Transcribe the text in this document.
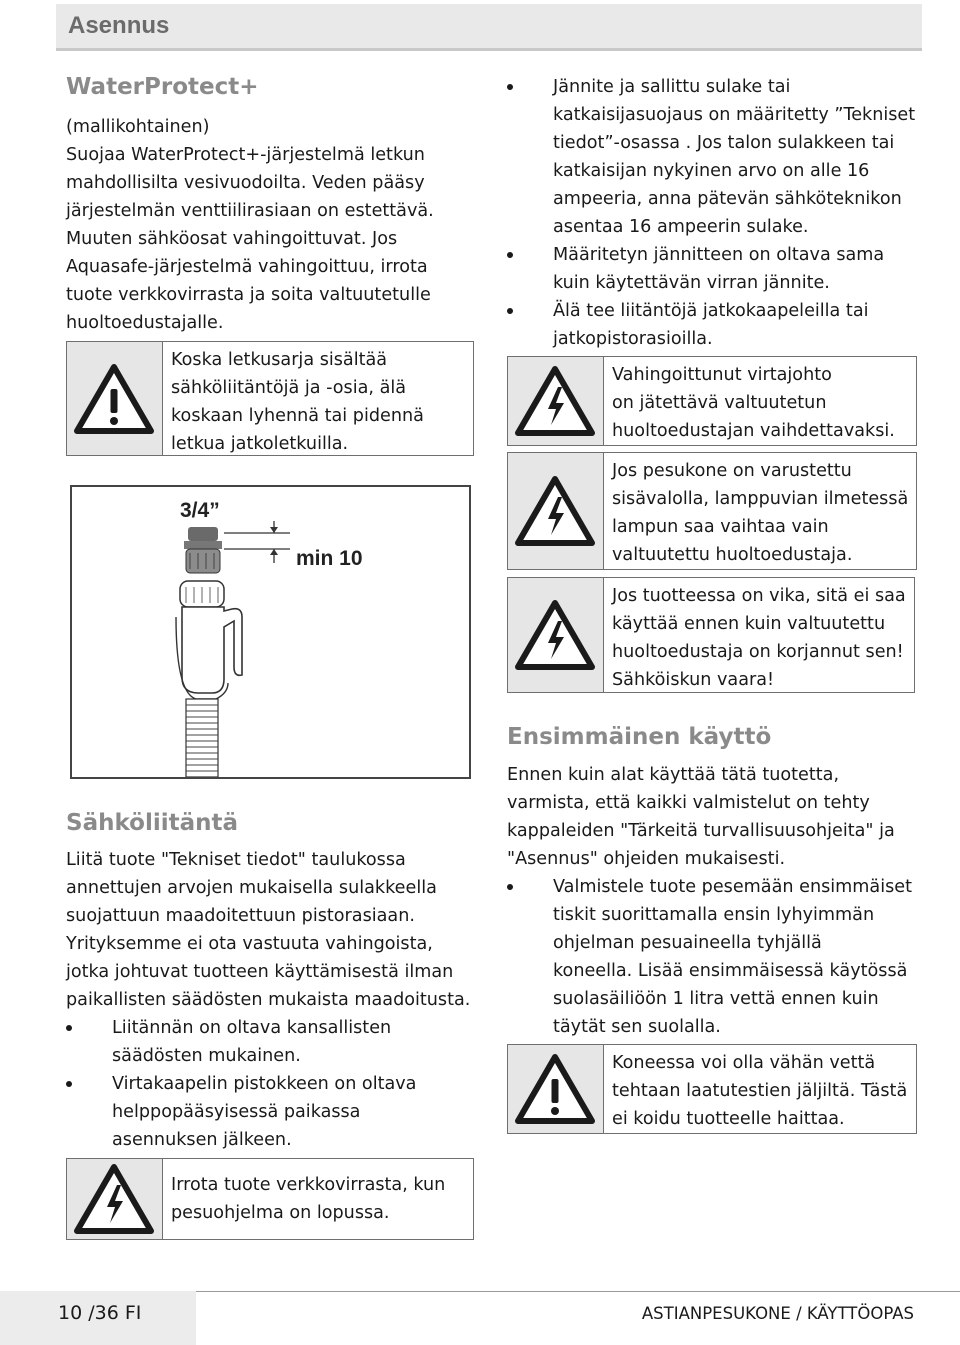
Asennus
WaterProtect+
(mallikohtainen)
Suojaa WaterProtect+-järjestelmä letkun
mahdollisilta vesivuodoilta. Veden pääsy
järjestelmän venttiilirasiaan on estettävä.
Muuten sähköosat vahingoittuvat. Jos
Aquasafe-järjestelmä vahingoittuu, irrota
tuote verkkovirrasta ja soita valtuutetulle
huoltoedustajalle.
Koska letkusarja sisältää
sähköliitäntöjä ja -osia, älä
koskaan lyhennä tai pidennä
letkua jatkoletkuilla.
3/4”
min 10
Sähköliitäntä
Liitä tuote "Tekniset tiedot" taulukossa
annettujen arvojen mukaisella sulakkeella
suojattuun maadoitettuun pistorasiaan.
Yrityksemme ei ota vastuuta vahingoista,
jotka johtuvat tuotteen käyttämisestä ilman
paikallisten säädösten mukaista maadoitusta.
Liitännän on oltava kansallisten
säädösten mukainen.
Virtakaapelin pistokkeen on oltava
helppopääsyisessä paikassa
asennuksen jälkeen.
Irrota tuote verkkovirrasta, kun
pesuohjelma on lopussa.
Jännite ja sallittu sulake tai
katkaisijasuojaus on määritetty ”Tekniset
tiedot”-osassa . Jos talon sulakkeen tai
katkaisijan nykyinen arvo on alle 16
ampeeria, anna pätevän sähköteknikon
asentaa 16 ampeerin sulake.
Määritetyn jännitteen on oltava sama
kuin käytettävän virran jännite.
Älä tee liitäntöjä jatkokaapeleilla tai
jatkopistorasioilla.
Vahingoittunut virtajohto
on jätettävä valtuutetun
huoltoedustajan vaihdettavaksi.
Jos pesukone on varustettu
sisävalolla, lamppuvian ilmetessä
lampun saa vaihtaa vain
valtuutettu huoltoedustaja.
Jos tuotteessa on vika, sitä ei saa
käyttää ennen kuin valtuutettu
huoltoedustaja on korjannut sen!
Sähköiskun vaara!
Ensimmäinen käyttö
Ennen kuin alat käyttää tätä tuotetta,
varmista, että kaikki valmistelut on tehty
kappaleiden "Tärkeitä turvallisuusohjeita" ja
"Asennus" ohjeiden mukaisesti.
Valmistele tuote pesemään ensimmäiset
tiskit suorittamalla ensin lyhyimmän
ohjelman pesuaineella tyhjällä
koneella. Lisää ensimmäisessä käytössä
suolasäiliöön 1 litra vettä ennen kuin
täytät sen suolalla.
Koneessa voi olla vähän vettä
tehtaan laatutestien jäljiltä. Tästä
ei koidu tuotteelle haittaa.
10 /36 FI	ASTIANPESUKONE / KÄYTTÖOPAS
